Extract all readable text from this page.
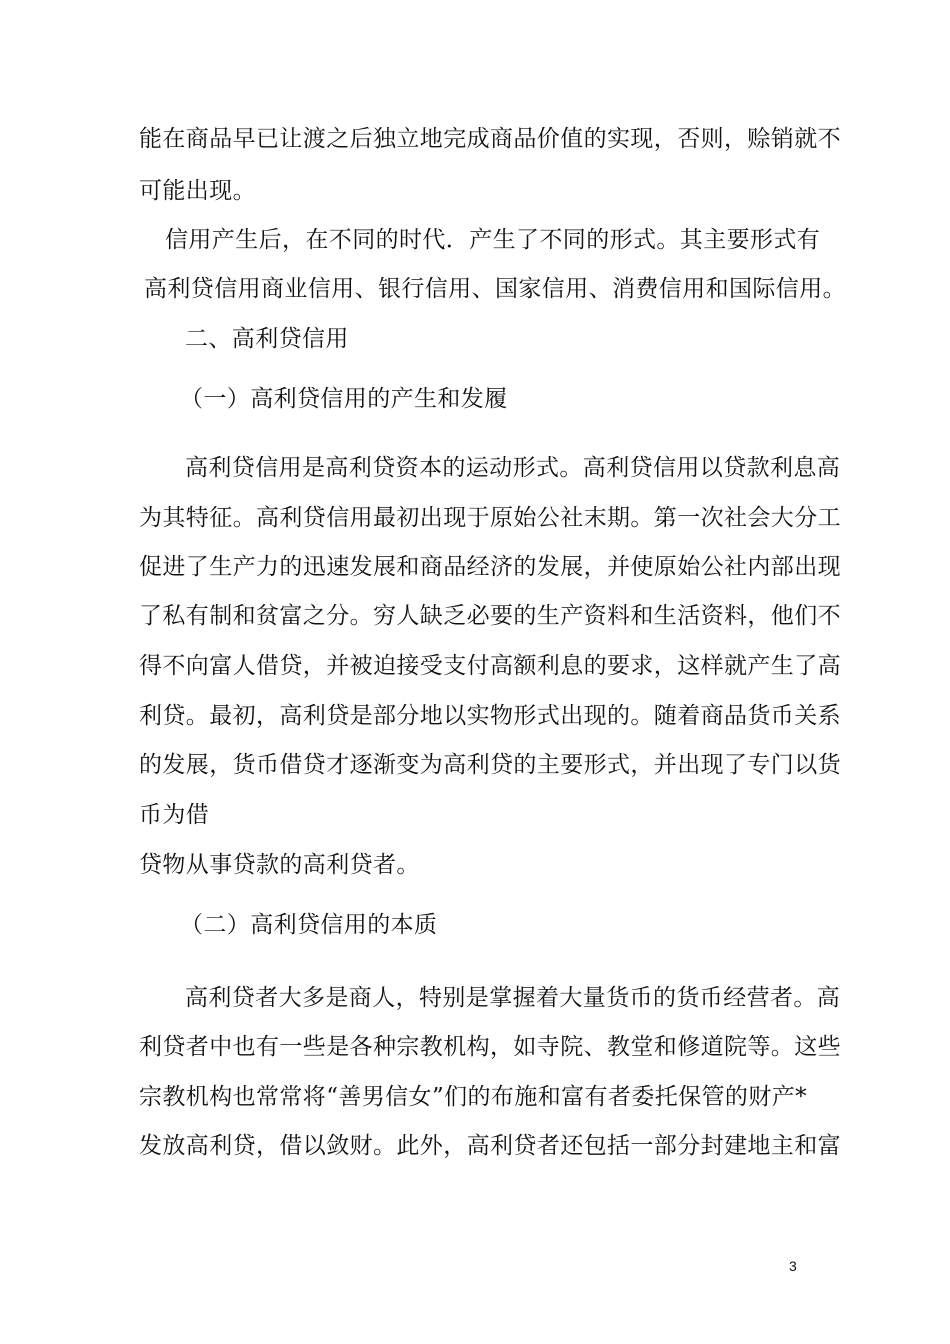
能在商品早已让渡之后独立地完成商品价值的实现，否则，赊销就不
可能出现。
信用产生后，在不同的时代．产生了不同的形式。其主要形式有
高利贷信用商业信用、银行信用、国家信用、消费信用和国际信用。
二、高利贷信用
（一）高利贷信用的产生和发履
高利贷信用是高利贷资本的运动形式。高利贷信用以贷款利息高
为其特征。高利贷信用最初出现于原始公社末期。第一次社会大分工
促进了生产力的迅速发展和商品经济的发展，并使原始公社内部出现
了私有制和贫富之分。穷人缺乏必要的生产资料和生活资料，他们不
得不向富人借贷，并被迫接受支付高额利息的要求，这样就产生了高
利贷。最初，高利贷是部分地以实物形式出现的。随着商品货币关系
的发展，货币借贷才逐渐变为高利贷的主要形式，并出现了专门以货
币为借
贷物从事贷款的高利贷者。
（二）高利贷信用的本质
高利贷者大多是商人，特别是掌握着大量货币的货币经营者。高
利贷者中也有一些是各种宗教机构，如寺院、教堂和修道院等。这些
宗教机构也常常将“善男信女”们的布施和富有者委托保管的财产*
发放高利贷，借以敛财。此外，高利贷者还包括一部分封建地主和富
3
